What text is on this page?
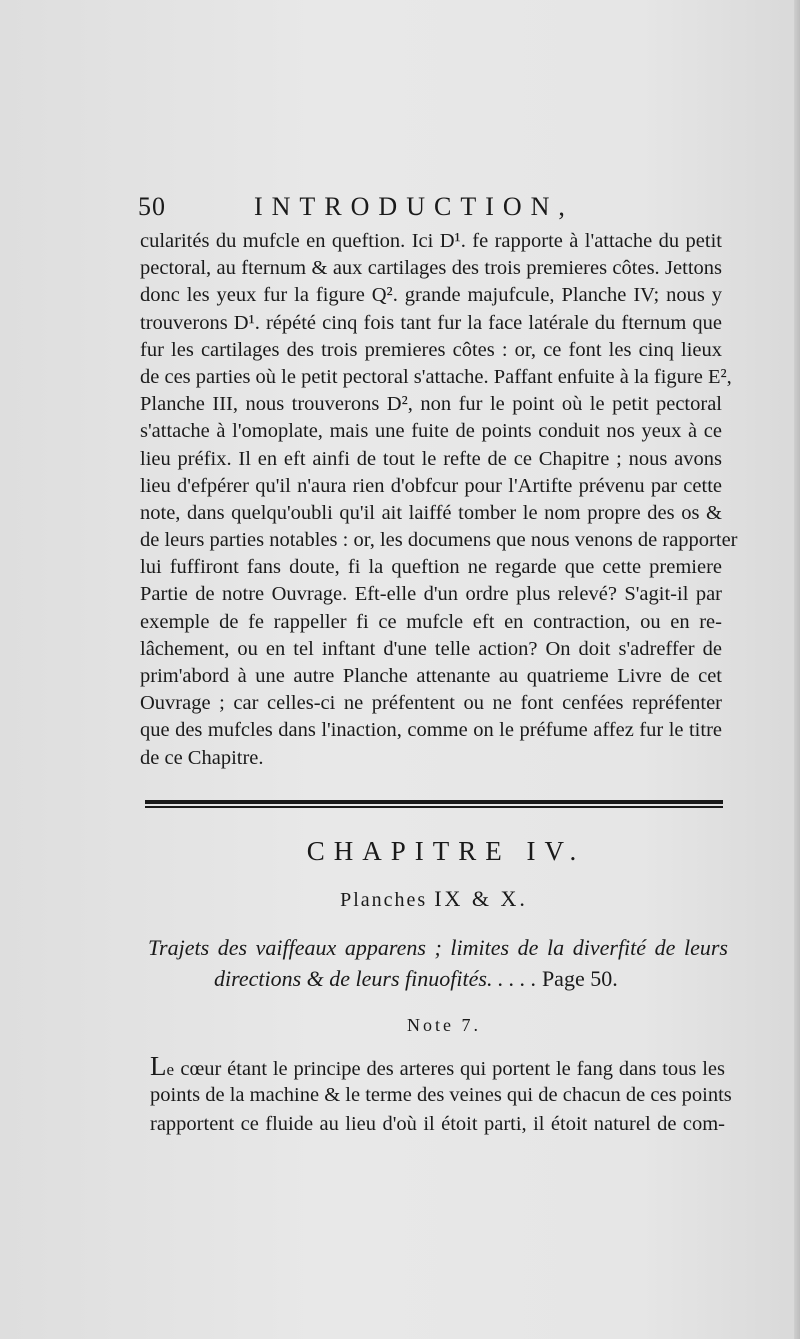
50	INTRODUCTION,
cularités du mufcle en queftion. Ici D¹. fe rapporte à l'attache du petit
pectoral, au fternum & aux cartilages des trois premieres côtes. Jettons
donc les yeux fur la figure Q². grande majufcule, Planche IV; nous y
trouverons D¹. répété cinq fois tant fur la face latérale du fternum que
fur les cartilages des trois premieres côtes : or, ce font les cinq lieux
de ces parties où le petit pectoral s'attache. Paffant enfuite à la figure E²,
Planche III, nous trouverons D², non fur le point où le petit pectoral
s'attache à l'omoplate, mais une fuite de points conduit nos yeux à ce
lieu préfix. Il en eft ainfi de tout le refte de ce Chapitre ; nous avons
lieu d'efpérer qu'il n'aura rien d'obfcur pour l'Artifte prévenu par cette
note, dans quelqu'oubli qu'il ait laiffé tomber le nom propre des os &
de leurs parties notables : or, les documens que nous venons de rapporter
lui fuffiront fans doute, fi la queftion ne regarde que cette premiere
Partie de notre Ouvrage. Eft-elle d'un ordre plus relevé? S'agit-il par
exemple de fe rappeller fi ce mufcle eft en contraction, ou en re-
lâchement, ou en tel inftant d'une telle action? On doit s'adreffer de
prim'abord à une autre Planche attenante au quatrieme Livre de cet
Ouvrage ; car celles-ci ne préfentent ou ne font cenfées repréfenter
que des mufcles dans l'inaction, comme on le préfume affez fur le titre
de ce Chapitre.
CHAPITRE IV.
Planches IX & X.
Trajets des vaiffeaux apparens ; limites de la diverfité de leurs
directions & de leurs finuofités. . . . . Page 50.
Note 7.
Le cœur étant le principe des arteres qui portent le fang dans tous les
points de la machine & le terme des veines qui de chacun de ces points
rapportent ce fluide au lieu d'où il étoit parti, il étoit naturel de com-
